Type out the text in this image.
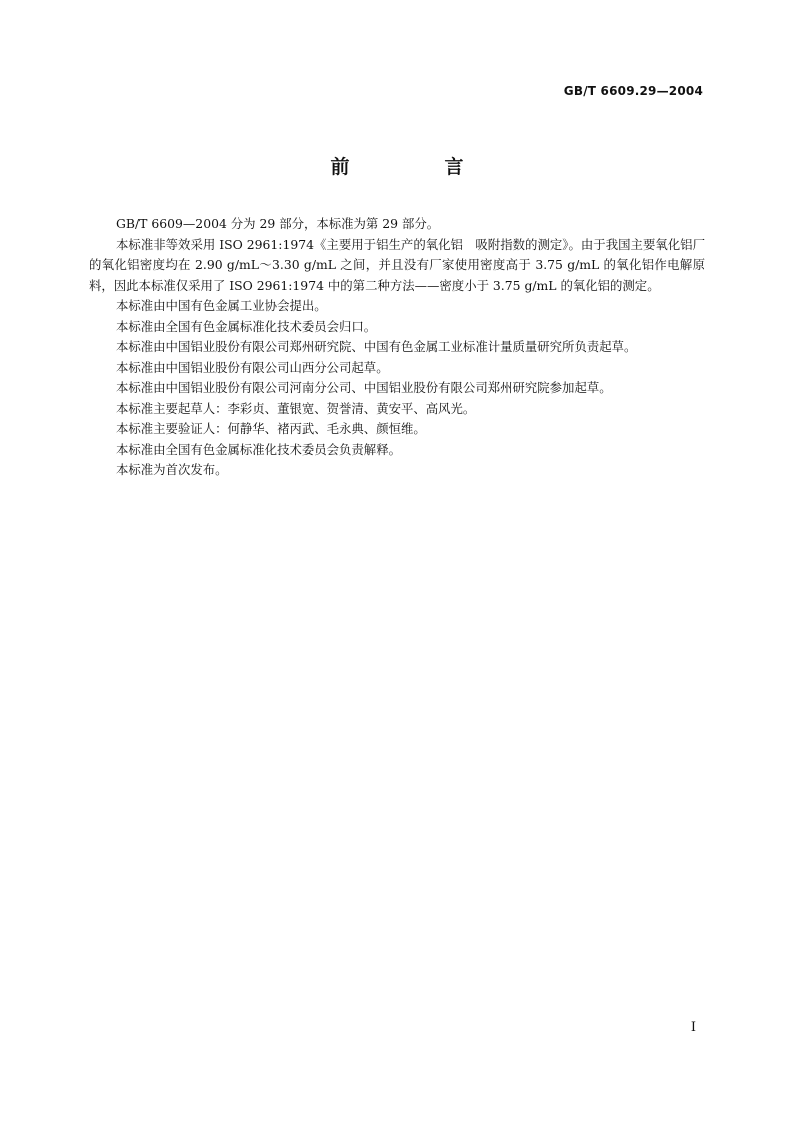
GB/T 6609.29—2004
前　言

GB/T 6609—2004 分为 29 部分，本标准为第 29 部分。

本标准非等效采用 ISO 2961:1974《主要用于铝生产的氧化铝　吸附指数的测定》。由于我国主要氧化铝厂的氧化铝密度均在 2.90 g/mL～3.30 g/mL 之间，并且没有厂家使用密度高于 3.75 g/mL 的氧化铝作电解原料，因此本标准仅采用了 ISO 2961:1974 中的第二种方法——密度小于 3.75 g/mL 的氧化铝的测定。

本标准由中国有色金属工业协会提出。

本标准由全国有色金属标准化技术委员会归口。

本标准由中国铝业股份有限公司郑州研究院、中国有色金属工业标准计量质量研究所负责起草。

本标准由中国铝业股份有限公司山西分公司起草。

本标准由中国铝业股份有限公司河南分公司、中国铝业股份有限公司郑州研究院参加起草。

本标准主要起草人：李彩贞、董银宽、贺誉清、黄安平、高风光。

本标准主要验证人：何静华、褚丙武、毛永典、颜恒维。

本标准由全国有色金属标准化技术委员会负责解释。

本标准为首次发布。

I
